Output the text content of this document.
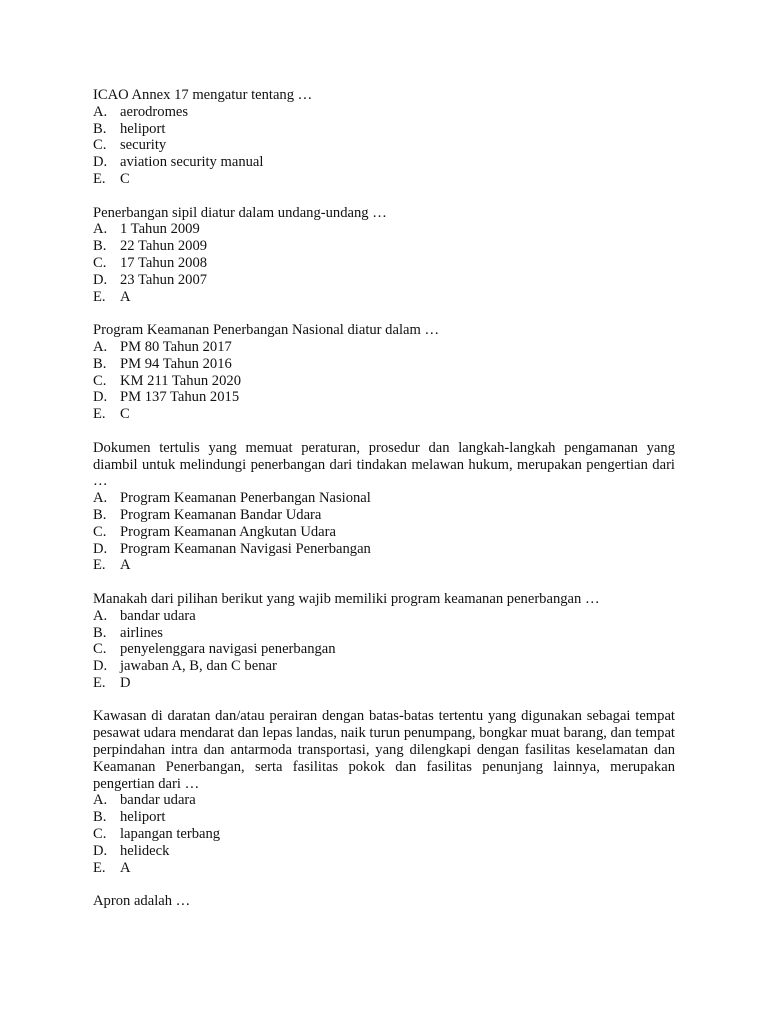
ICAO Annex 17 mengatur tentang …

A. aerodromes
B. heliport
C. security
D. aviation security manual
E. C

Penerbangan sipil diatur dalam undang-undang …

A. 1 Tahun 2009
B. 22 Tahun 2009
C. 17 Tahun 2008
D. 23 Tahun 2007
E. A

Program Keamanan Penerbangan Nasional diatur dalam …

A. PM 80 Tahun 2017
B. PM 94 Tahun 2016
C. KM 211 Tahun 2020
D. PM 137 Tahun 2015
E. C

Dokumen tertulis yang memuat peraturan, prosedur dan langkah-langkah pengamanan yang diambil untuk melindungi penerbangan dari tindakan melawan hukum, merupakan pengertian dari …

A. Program Keamanan Penerbangan Nasional
B. Program Keamanan Bandar Udara
C. Program Keamanan Angkutan Udara
D. Program Keamanan Navigasi Penerbangan
E. A

Manakah dari pilihan berikut yang wajib memiliki program keamanan penerbangan …

A. bandar udara
B. airlines
C. penyelenggara navigasi penerbangan
D. jawaban A, B, dan C benar
E. D

Kawasan di daratan dan/atau perairan dengan batas-batas tertentu yang digunakan sebagai tempat pesawat udara mendarat dan lepas landas, naik turun penumpang, bongkar muat barang, dan tempat perpindahan intra dan antarmoda transportasi, yang dilengkapi dengan fasilitas keselamatan dan Keamanan Penerbangan, serta fasilitas pokok dan fasilitas penunjang lainnya, merupakan pengertian dari …

A. bandar udara
B. heliport
C. lapangan terbang
D. helideck
E. A

Apron adalah …
